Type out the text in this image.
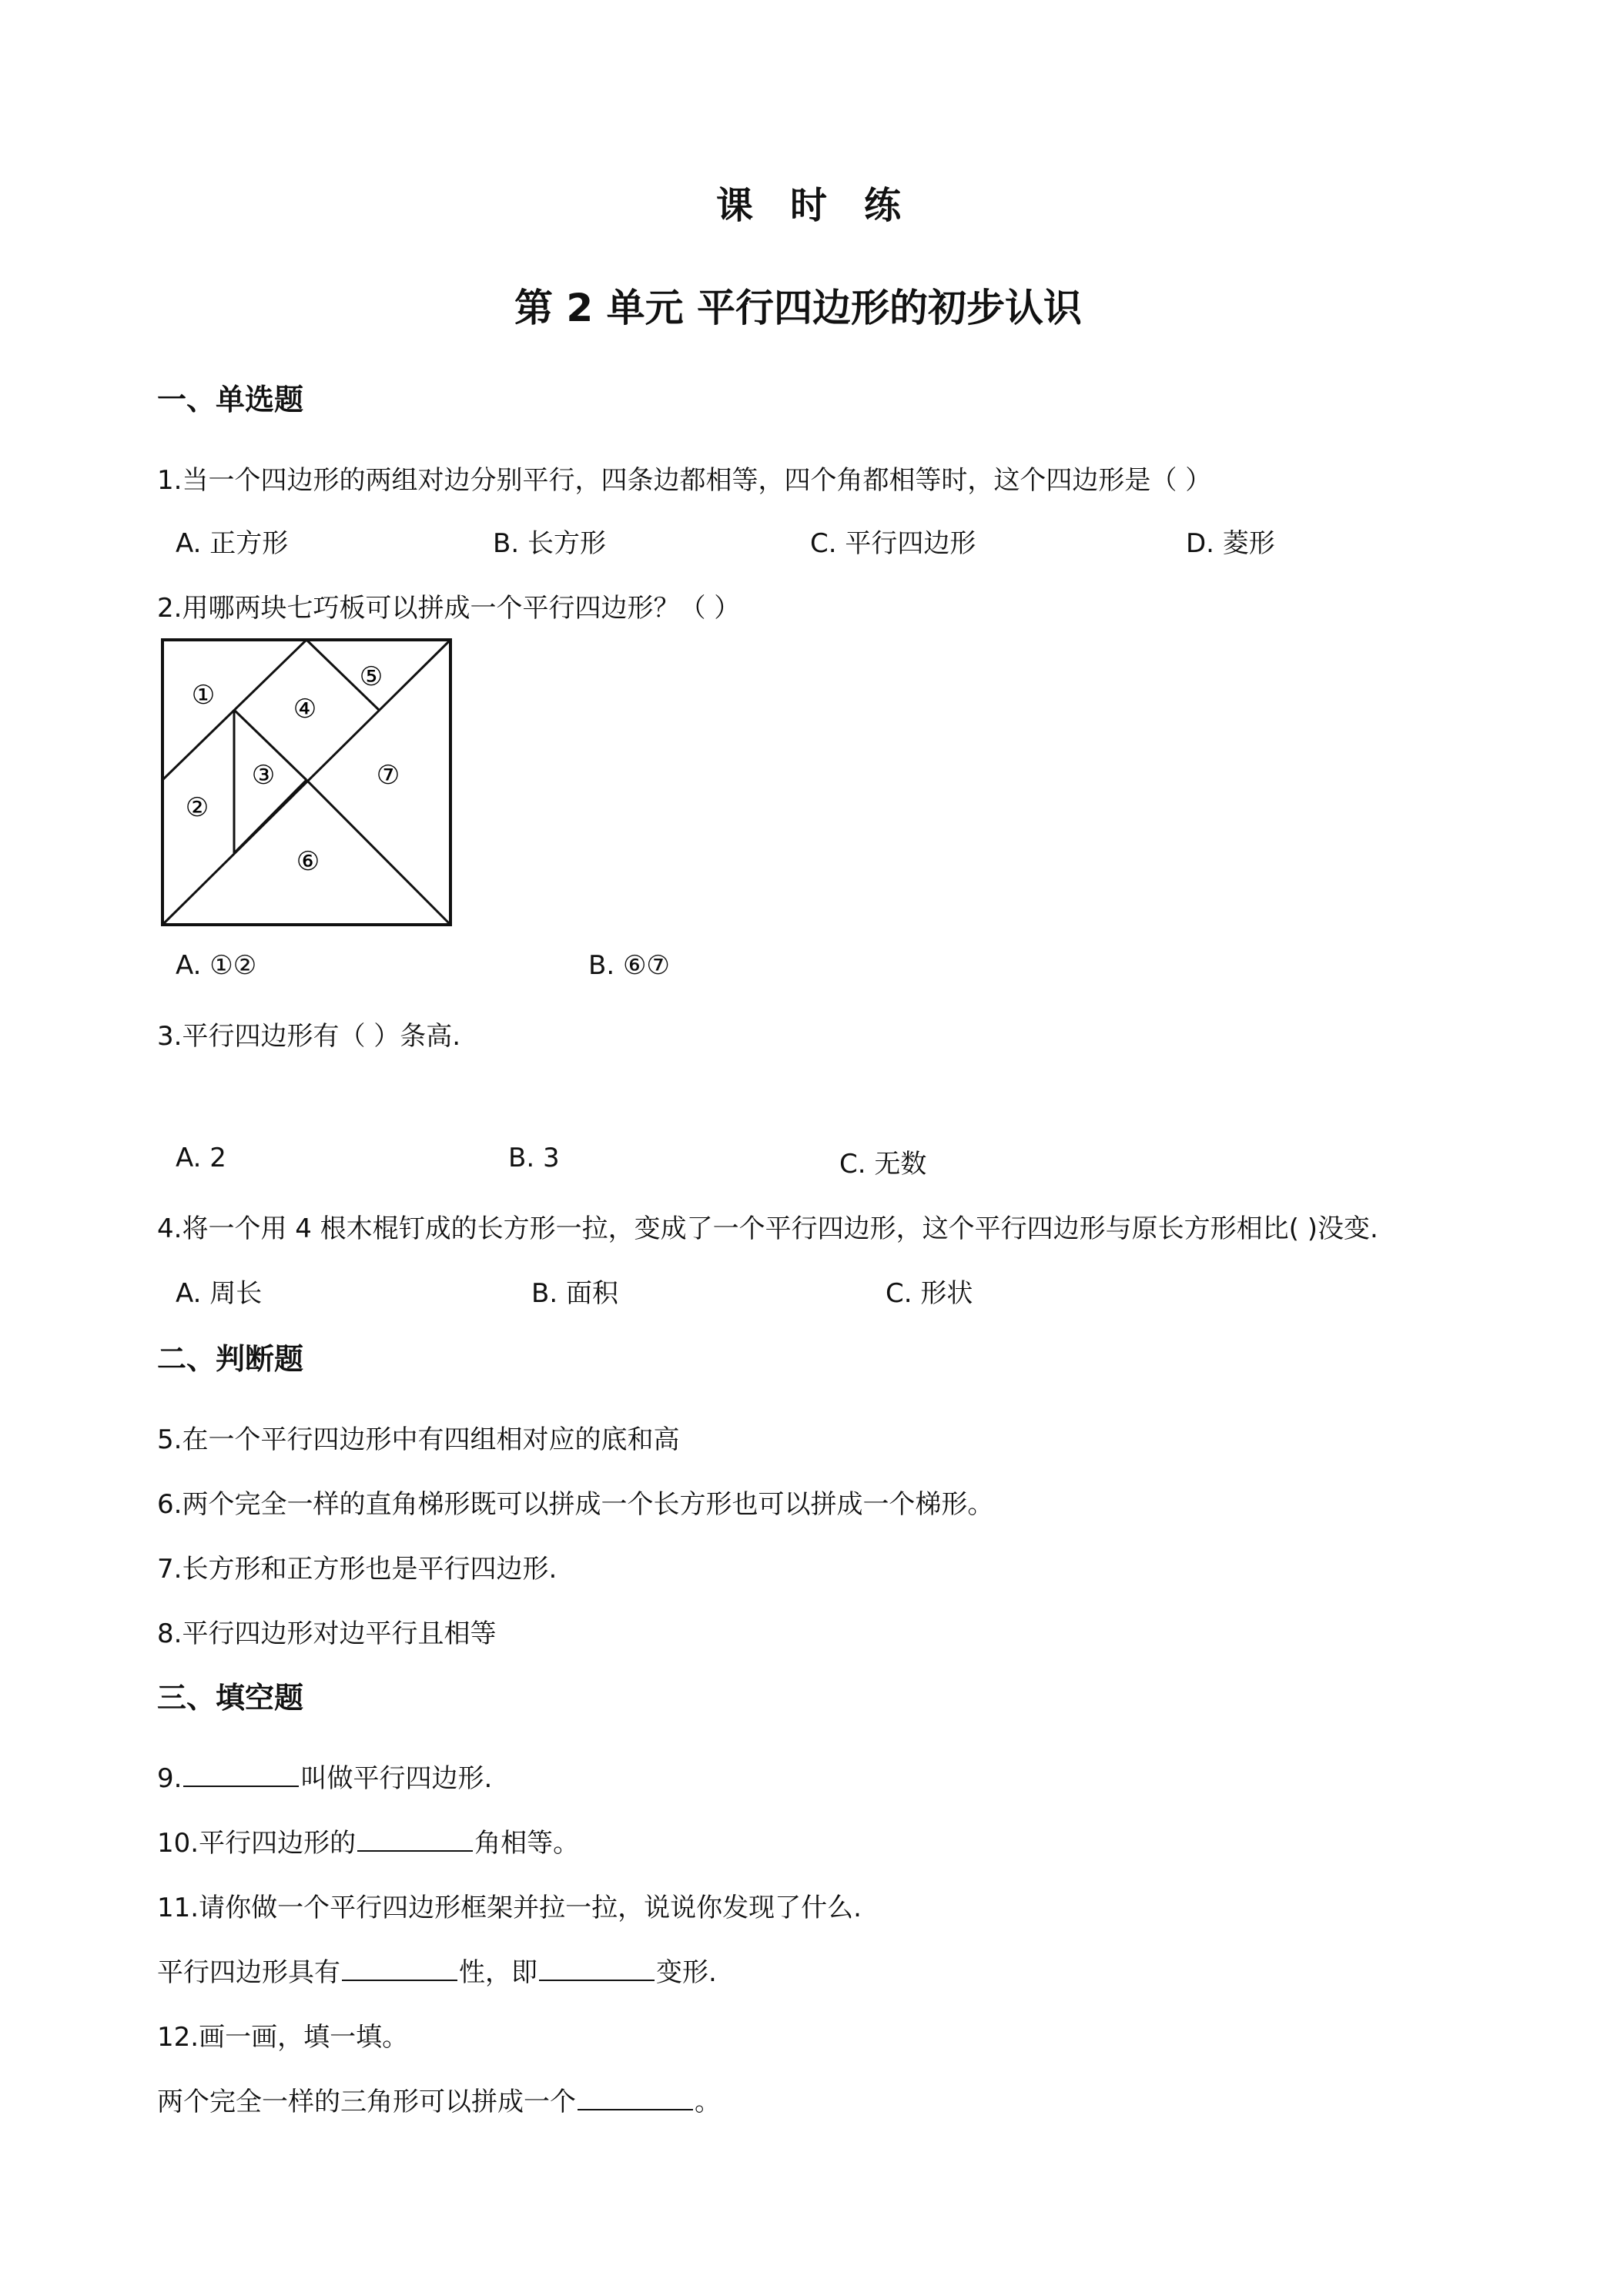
课　时　练
第 2 单元 平行四边形的初步认识
一、单选题
1.当一个四边形的两组对边分别平行，四条边都相等，四个角都相等时，这个四边形是（ ）
A. 正方形	B. 长方形	C. 平行四边形	D. 菱形
2.用哪两块七巧板可以拼成一个平行四边形？（ ）
①
②
③
④
⑤
⑥
⑦
A. ①②	B. ⑥⑦
3.平行四边形有（ ）条高.
A. 2	B. 3	C. 无数
4.将一个用 4 根木棍钉成的长方形一拉，变成了一个平行四边形，这个平行四边形与原长方形相比( )没变.
A. 周长	B. 面积	C. 形状
二、判断题
5.在一个平行四边形中有四组相对应的底和高
6.两个完全一样的直角梯形既可以拼成一个长方形也可以拼成一个梯形。
7.长方形和正方形也是平行四边形.
8.平行四边形对边平行且相等
三、填空题
9.	叫做平行四边形.
10.平行四边形的	角相等。
11.请你做一个平行四边形框架并拉一拉，说说你发现了什么.
平行四边形具有	性，即	变形.
12.画一画，填一填。
两个完全一样的三角形可以拼成一个	。
